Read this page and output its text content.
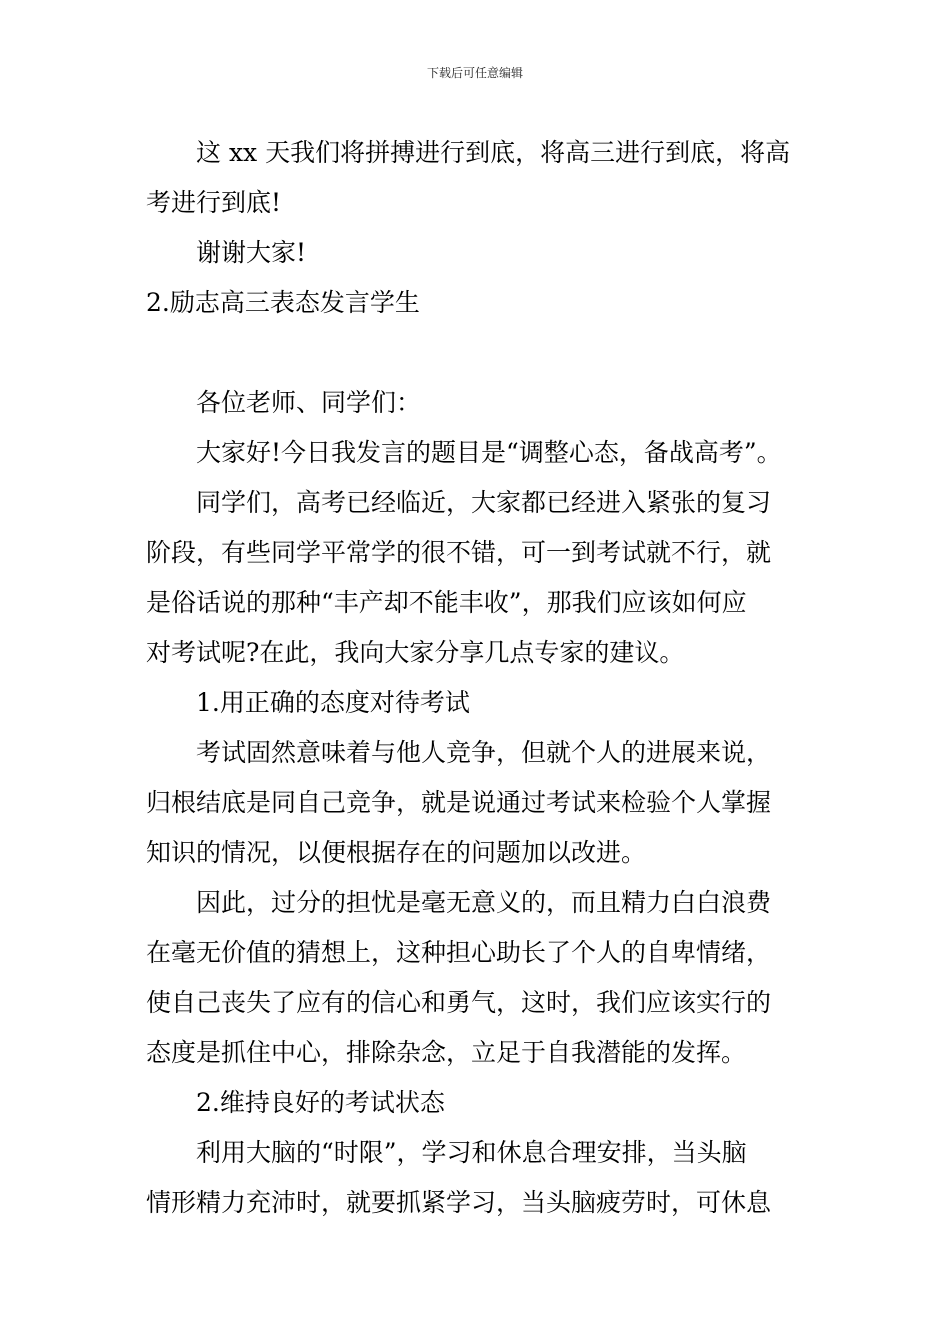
下载后可任意编辑

这 xx 天我们将拼搏进行到底，将高三进行到底，将高

考进行到底!

谢谢大家!

2.励志高三表态发言学生

各位老师、同学们：

大家好!今日我发言的题目是“调整心态，备战高考”。

同学们，高考已经临近，大家都已经进入紧张的复习

阶段，有些同学平常学的很不错，可一到考试就不行，就

是俗话说的那种“丰产却不能丰收”，那我们应该如何应

对考试呢?在此，我向大家分享几点专家的建议。

1.用正确的态度对待考试

考试固然意味着与他人竞争，但就个人的进展来说，

归根结底是同自己竞争，就是说通过考试来检验个人掌握

知识的情况，以便根据存在的问题加以改进。

因此，过分的担忧是毫无意义的，而且精力白白浪费

在毫无价值的猜想上，这种担心助长了个人的自卑情绪，

使自己丧失了应有的信心和勇气，这时，我们应该实行的

态度是抓住中心，排除杂念，立足于自我潜能的发挥。

2.维持良好的考试状态

利用大脑的“时限”，学习和休息合理安排，当头脑

情形精力充沛时，就要抓紧学习，当头脑疲劳时，可休息
